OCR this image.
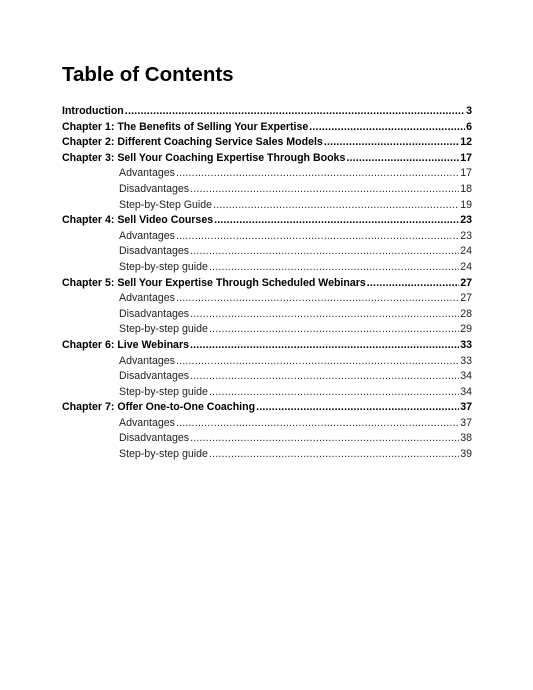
Table of Contents
Introduction .....	3
Chapter 1: The Benefits of Selling Your Expertise .....	6
Chapter 2: Different Coaching Service Sales Models .....	12
Chapter 3: Sell Your Coaching Expertise Through Books .....	17
Advantages .....	17
Disadvantages .....	18
Step-by-Step Guide .....	19
Chapter 4: Sell Video Courses .....	23
Advantages .....	23
Disadvantages .....	24
Step-by-step guide .....	24
Chapter 5: Sell Your Expertise Through Scheduled Webinars .....	27
Advantages .....	27
Disadvantages .....	28
Step-by-step guide .....	29
Chapter 6: Live Webinars .....	33
Advantages .....	33
Disadvantages .....	34
Step-by-step guide .....	34
Chapter 7: Offer One-to-One Coaching .....	37
Advantages .....	37
Disadvantages .....	38
Step-by-step guide .....	39
